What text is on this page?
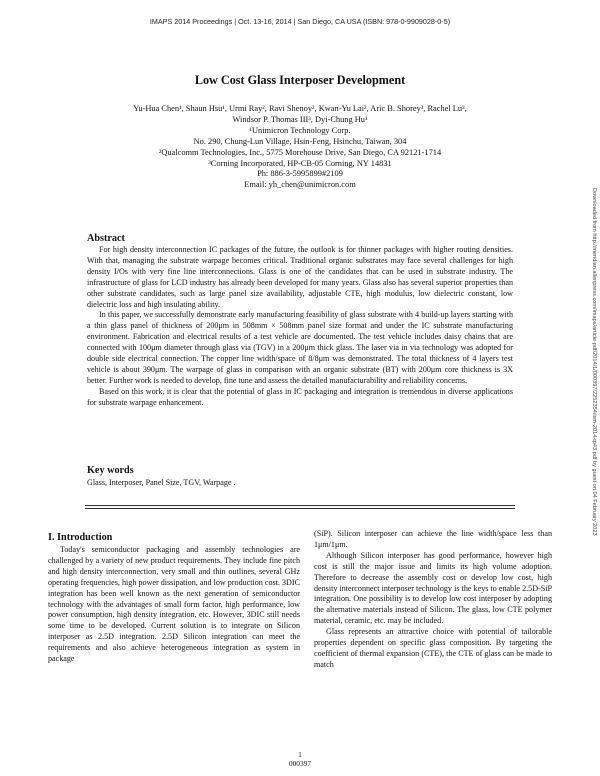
IMAPS 2014 Proceedings | Oct. 13-16, 2014 | San Diego, CA USA (ISBN: 978-0-9909028-0-5)
Low Cost Glass Interposer Development
Yu-Hua Chen¹, Shaun Hsu¹, Urmi Ray², Ravi Shenoy², Kwan-Yu Lai², Aric B. Shorey³, Rachel Lu³,
Windsor P. Thomas III³, Dyi-Chung Hu¹
¹Unimicron Technology Corp.
No. 290, Chung-Lun Village, Hsin-Feng, Hsinchu, Taiwan, 304
²Qualcomm Technologies, Inc., 5775 Morehouse Drive, San Diego, CA 92121-1714
³Corning Incorporated, HP-CB-05 Corning, NY 14831
Ph: 886-3-5995899#2109
Email: yh_chen@unimicron.com
Downloaded from http://meridian.allenpress.com/imaps/article-pdf/2014/1/000397/2252354/ism-2014-tp43.pdf by guest on 04 February 2023
Abstract

For high density interconnection IC packages of the future, the outlook is for thinner packages with higher routing densities. With that, managing the substrate warpage becomes critical. Traditional organic substrates may face several challenges for high density I/Os with very fine line interconnections. Glass is one of the candidates that can be used in substrate industry. The infrastructure of glass for LCD industry has already been developed for many years. Glass also has several superior properties than other substrate candidates, such as large panel size availability, adjustable CTE, high modulus, low dielectric constant, low dielectric loss and high insulating ability.

In this paper, we successfully demonstrate early manufacturing feasibility of glass substrate with 4 build-up layers starting with a thin glass panel of thickness of 200μm in 508mm × 508mm panel size format and under the IC substrate manufacturing environment. Fabrication and electrical results of a test vehicle are documented. The test vehicle includes daisy chains that are connected with 100μm diameter through glass via (TGV) in a 200μm thick glass. The laser via in via technology was adopted for double side electrical connection. The copper line width/space of 8/8μm was demonstrated. The total thickness of 4 layers test vehicle is about 390μm. The warpage of glass in comparison with an organic substrate (BT) with 200μm core thickness is 3X better. Further work is needed to develop, fine tune and assess the detailed manufacturability and reliability concerns.

Based on this work, it is clear that the potential of glass in IC packaging and integration is tremendous in diverse applications for substrate warpage enhancement.

Key words
Glass, Interposer, Panel Size, TGV, Warpage .
I. Introduction

Today's semiconductor packaging and assembly technologies are challenged by a variety of new product requirements. They include fine pitch and high density interconnection, very small and thin outlines, several GHz operating frequencies, high power dissipation, and low production cost. 3DIC integration has been well known as the next generation of semiconductor technology with the advantages of small form factor, high performance, low power consumption, high density integration, etc. However, 3DIC still needs some time to be developed. Current solution is to integrate on Silicon interposer as 2.5D integration. 2.5D Silicon integration can meet the requirements and also achieve heterogeneous integration as system in package

(SiP). Silicon interposer can achieve the line width/space less than 1μm/1μm.

Although Silicon interposer has good performance, however high cost is still the major issue and limits its high volume adoption. Therefore to decrease the assembly cost or develop low cost, high density interconnect interposer technology is the keys to enable 2.5D-SiP integration. One possibility is to develop low cost interposer by adopting the alternative materials instead of Silicon. The glass, low CTE polymer material, ceramic, etc. may be included.

Glass represents an attractive choice with potential of tailorable properties dependent on specific glass composition. By targeting the coefficient of thermal expansion (CTE), the CTE of glass can be made to match

1
000397
